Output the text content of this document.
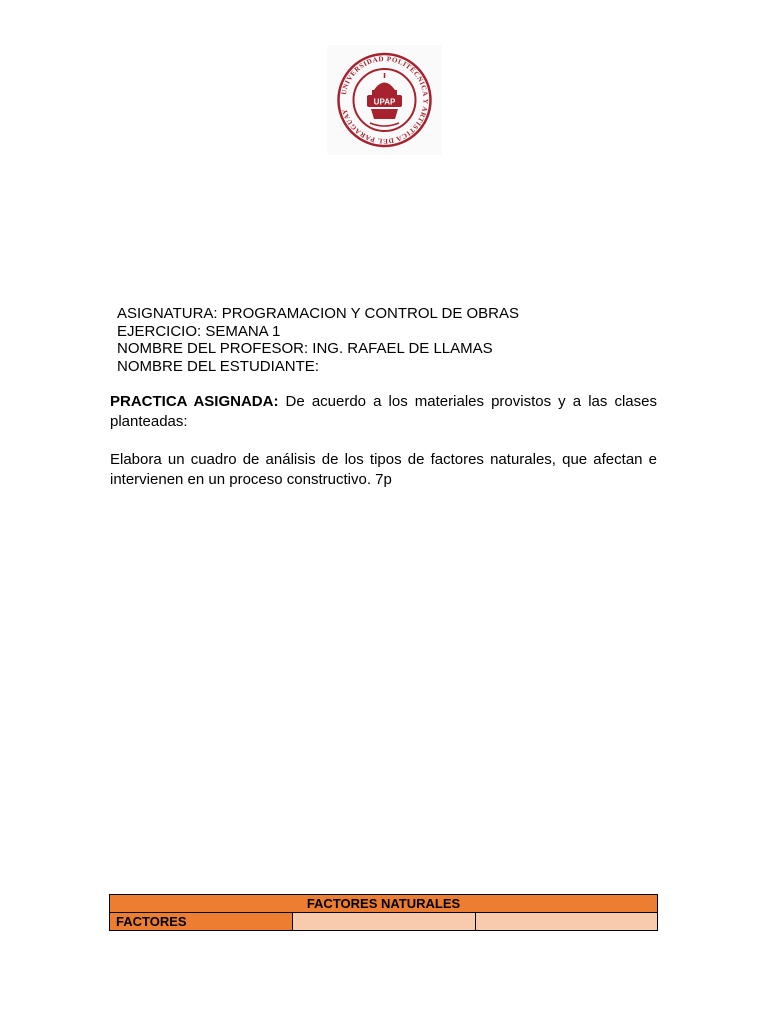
UNIVERSIDAD POLITÉCNICA Y ARTÍSTICA DEL PARAGUAY
UPAP
ASIGNATURA: PROGRAMACION Y CONTROL DE OBRAS
EJERCICIO: SEMANA 1
NOMBRE DEL PROFESOR: ING. RAFAEL DE LLAMAS
NOMBRE DEL ESTUDIANTE:
PRACTICA ASIGNADA: De acuerdo a los materiales provistos y a las clases planteadas:
Elabora un cuadro de análisis de los tipos de factores naturales, que afectan e intervienen en un proceso constructivo. 7p
FACTORES NATURALES
FACTORES		
